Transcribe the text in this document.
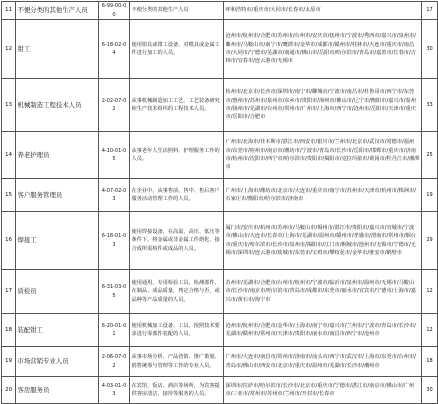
11	不便分类的其他生产人员	6-99-00-00	不便分类的其他生产人员	呼和浩特市/重庆市/大同市/长春市/太原市	17
12	钳工	6-18-02-04	使用钳具或钳工设备，对模具或金属工件进行加工的人员。	沧州市/杭州市/合肥市/苏州市/台州市/安庆市/抚州市/宁波市/秀西市/嘉兴市/泉州市/衢州市/马鞍山市/南宁市/鹰潭市/金华市/成都市/赣州市/桂林市/大连市/重庆市/南昌市/大同市/宁德市/芜湖市/南通市/佛山市/岳阳市/哈尔滨市/青岛市/嘉善市/长春市/吉林市/宜春市/连云港市/无锡市	30
13	机械制造工程技术人员	2-02-07-02	从事机械制造加工工艺、工艺装备研究和生产技术组织的工程技术人员。	杭州市/北京市/长沙市/深圳市/南宁市/聊城市/宁波市/南昌市/杜鲁哥市/西宁市/东莞市/惠州市/苏州市/泉州市/东乡市/贵阳市/漳州市/佛山市/辽宁市/衡阳市/嘉兴市/泰州市/扬州市/芜湖市/台州市/常州市/广州市/上海市/西宁市/沧州市/岳阳市/天津市/重庆市/岳阳市/合肥市	33
14	养老护理员	4-10-01-05	从事老年人生活照料、护理服务工作的人员。	广州市/北海市/佳木斯市/湛江市/西安市/银川市/兰州市/北京市/武汉市/常德市/福州市/东莞市/宿州市/南京市/潍坊市/宁波市/青岛市/长沙市/岳阳市/邯郸市/重庆市/济南市/杭州市/沈阳市/西宁市/哈尔滨市/贵阳市/揭阳市/克拉玛依市/黄冈市/牡丹江市/湘潭市	25
15	客户服务管理员	4-07-02-03	在企业中，从事售前、售中、售后客户服务活动管理工作的人员。	广州市/上海市/潍坊市/北京市/大连市/重庆市/南宁市/苏州市/天津市/杭州市/株洲市/石家庄市/衡阳市/哈尔滨市/济南市	19
16	焊接工	6-18-01-03	使用焊接设备，在高温、高压、低压等条件下，将金属或非金属工件熔化、接合成所需构件或成品的人员。	厦门市/安庆市/杭州市/苏州市/马鞍山市/锡州市/湛江市/贵阳市/嘉兴市/宜城市/宁波市/佛山市/大连市/长春市/上海市/芜湖市/温州市/赣州市/孝感市/渭南市/常州市/烟台市/重庆市/哈尔滨市/长沙市/泉州市/揭阳市/江门市/桐城市/池州市/无锡市/宁德市/无锡市/深圳市/连云港市/盐城市/东莞市/宝鸡市/攀枝花市/金华市/淮安市/鹤壁市	29
17	质检员	6-31-03-05	使用通用、专用检验工具，检测部件、在制品、成品质量，判定合格与否，或品种等产品质量的人员。	苏州市/芜湖市/合肥市/台州市/杭州市/宁波市/临沂市/泉州市/温州市/无锡市/马鞍山市/长沙市/南京市/哈尔滨市/青岛市/成都市/东莞市/丽水市/宜宾市/宁德市/上海市/嘉兴市/黄石市/海宁市	12
18	装配钳工	6-20-01-01	使用机械加工设备、工具，按照技术要求进行零部件装配的人员。	沧州市/杭州市/合肥市/金华市/上海市/南宁市/嘉兴市/兰州市/宁波市/青岛市/长沙市/芜湖市/赣州市/常州市/天津市/贵阳市/丽水市/南昌市/西宁市/沧州市	12
19	市场营销专业人员	2-06-07-02	从事市场分析、产品营销、推广策划、销售统筹与管理等工作的专业人员。	广州市/大连市/南昌市/常州市/济南市/汕头市/西宁市/武汉市/上海市/东莞市/台州市/青岛市/佛山市/西安市/北京市/重庆市/温州市/芜湖市/长沙市/潮州市	18
20	客房服务员	4-03-01-03	在宾馆、饭店、酒店等场所，为宾客提供客房清洁、接待等服务的人员。	深圳市/拉萨市/哈尔滨市/长沙市/北京市/重庆市/宁德市/湛江市/南京市/佛山市/广州市/三亚市/常州市/苏州市/兰州市/开封市/长春市	30
